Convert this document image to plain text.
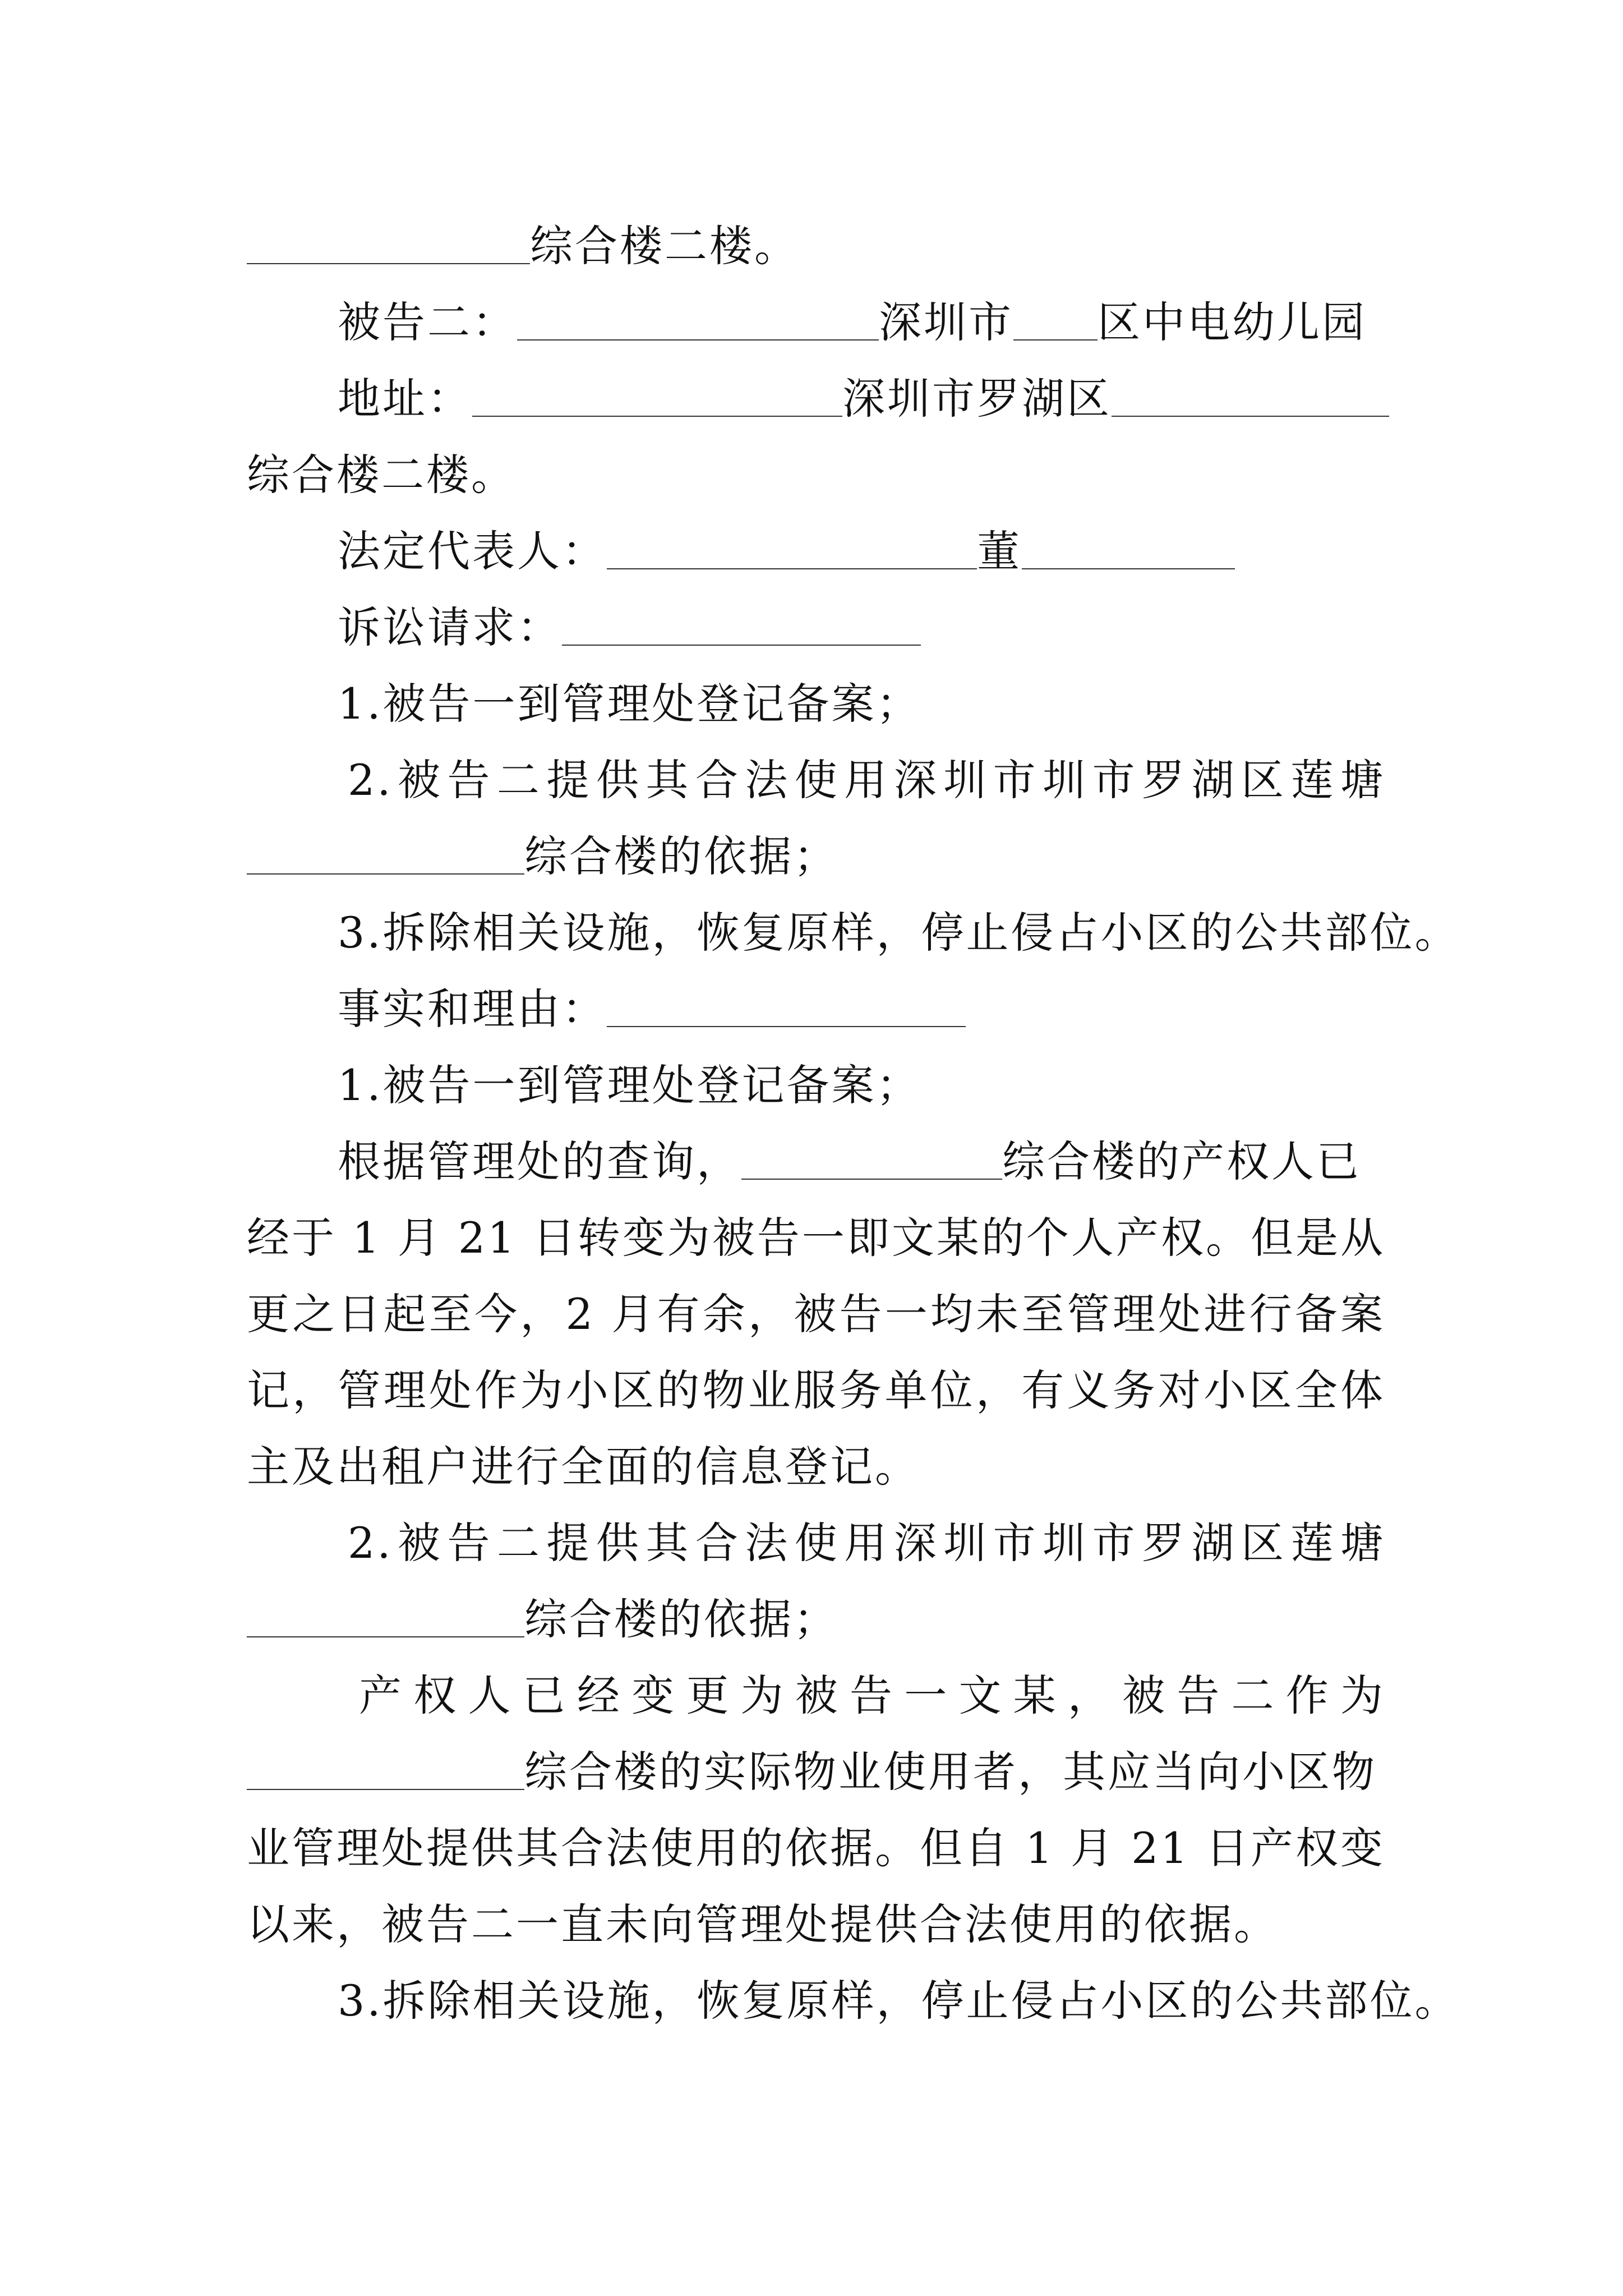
综合楼二楼。
被告二：	深圳市 区中电幼儿园
地址：	深圳市罗湖区
综合楼二楼。
法定代表人：	董
诉讼请求：
1.被告一到管理处登记备案；
2.被告二提供其合法使用深圳市圳市罗湖区莲塘
综合楼的依据；
3.拆除相关设施，恢复原样，停止侵占小区的公共部位。
事实和理由：
1.被告一到管理处登记备案；
根据管理处的查询，	综合楼的产权人已
经于 1 月 21 日转变为被告一即文某的个人产权。但是从
更之日起至今，2 月有余，被告一均未至管理处进行备案
记，管理处作为小区的物业服务单位，有义务对小区全体
主及出租户进行全面的信息登记。
2.被告二提供其合法使用深圳市圳市罗湖区莲塘
综合楼的依据；
产权人已经变更为被告一文某，被告二作为
综合楼的实际物业使用者，其应当向小区物
业管理处提供其合法使用的依据。但自 1 月 21 日产权变
以来，被告二一直未向管理处提供合法使用的依据。
3.拆除相关设施，恢复原样，停止侵占小区的公共部位。
